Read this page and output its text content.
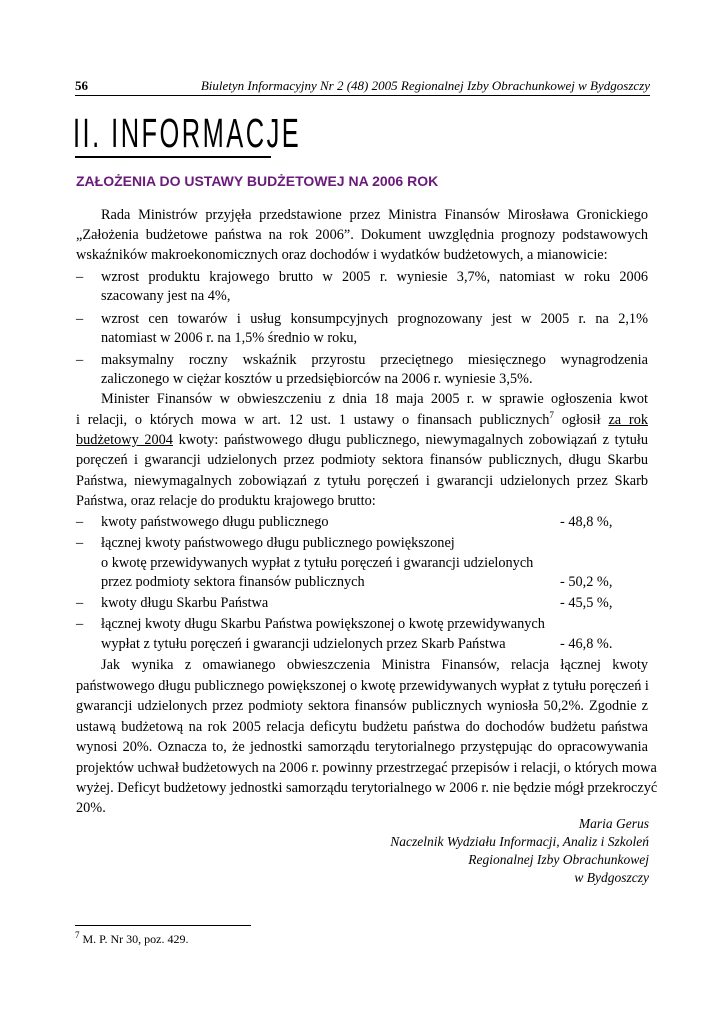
56	Biuletyn Informacyjny Nr 2 (48) 2005 Regionalnej Izby Obrachunkowej w Bydgoszczy
II. INFORMACJE
ZAŁOŻENIA DO USTAWY BUDŻETOWEJ NA 2006 ROK
Rada Ministrów przyjęła przedstawione przez Ministra Finansów Mirosława Gronickiego
„Założenia budżetowe państwa na rok 2006”. Dokument uwzględnia prognozy podstawowych
wskaźników makroekonomicznych oraz dochodów i wydatków budżetowych, a mianowicie:
– wzrost produktu krajowego brutto w 2005 r. wyniesie 3,7%, natomiast w roku 2006
szacowany jest na 4%,
– wzrost cen towarów i usług konsumpcyjnych prognozowany jest w 2005 r. na 2,1%
natomiast w 2006 r. na 1,5% średnio w roku,
– maksymalny roczny wskaźnik przyrostu przeciętnego miesięcznego wynagrodzenia
zaliczonego w ciężar kosztów u przedsiębiorców na 2006 r. wyniesie 3,5%.
Minister Finansów w obwieszczeniu z dnia 18 maja 2005 r. w sprawie ogłoszenia kwot
i relacji, o których mowa w art. 12 ust. 1 ustawy o finansach publicznych$^7$ ogłosił za rok
budżetowy 2004 kwoty: państwowego długu publicznego, niewymagalnych zobowiązań z tytułu
poręczeń i gwarancji udzielonych przez podmioty sektora finansów publicznych, długu Skarbu
Państwa, niewymagalnych zobowiązań z tytułu poręczeń i gwarancji udzielonych przez Skarb
Państwa, oraz relacje do produktu krajowego brutto:
– kwoty państwowego długu publicznego	- 48,8 %,
– łącznej kwoty państwowego długu publicznego powiększonej
o kwotę przewidywanych wypłat z tytułu poręczeń i gwarancji udzielonych
przez podmioty sektora finansów publicznych	- 50,2 %,
– kwoty długu Skarbu Państwa	- 45,5 %,
– łącznej kwoty długu Skarbu Państwa powiększonej o kwotę przewidywanych
wypłat z tytułu poręczeń i gwarancji udzielonych przez Skarb Państwa	- 46,8 %.
Jak wynika z omawianego obwieszczenia Ministra Finansów, relacja łącznej kwoty
państwowego długu publicznego powiększonej o kwotę przewidywanych wypłat z tytułu poręczeń i
gwarancji udzielonych przez podmioty sektora finansów publicznych wyniosła 50,2%. Zgodnie z
ustawą budżetową na rok 2005 relacja deficytu budżetu państwa do dochodów budżetu państwa
wynosi 20%. Oznacza to, że jednostki samorządu terytorialnego przystępując do opracowywania
projektów uchwał budżetowych na 2006 r. powinny przestrzegać przepisów i relacji, o których mowa
wyżej. Deficyt budżetowy jednostki samorządu terytorialnego w 2006 r. nie będzie mógł przekroczyć
20%.
Maria Gerus
Naczelnik Wydziału Informacji, Analiz i Szkoleń
Regionalnej Izby Obrachunkowej
w Bydgoszczy
$^7$ M. P. Nr 30, poz. 429.
